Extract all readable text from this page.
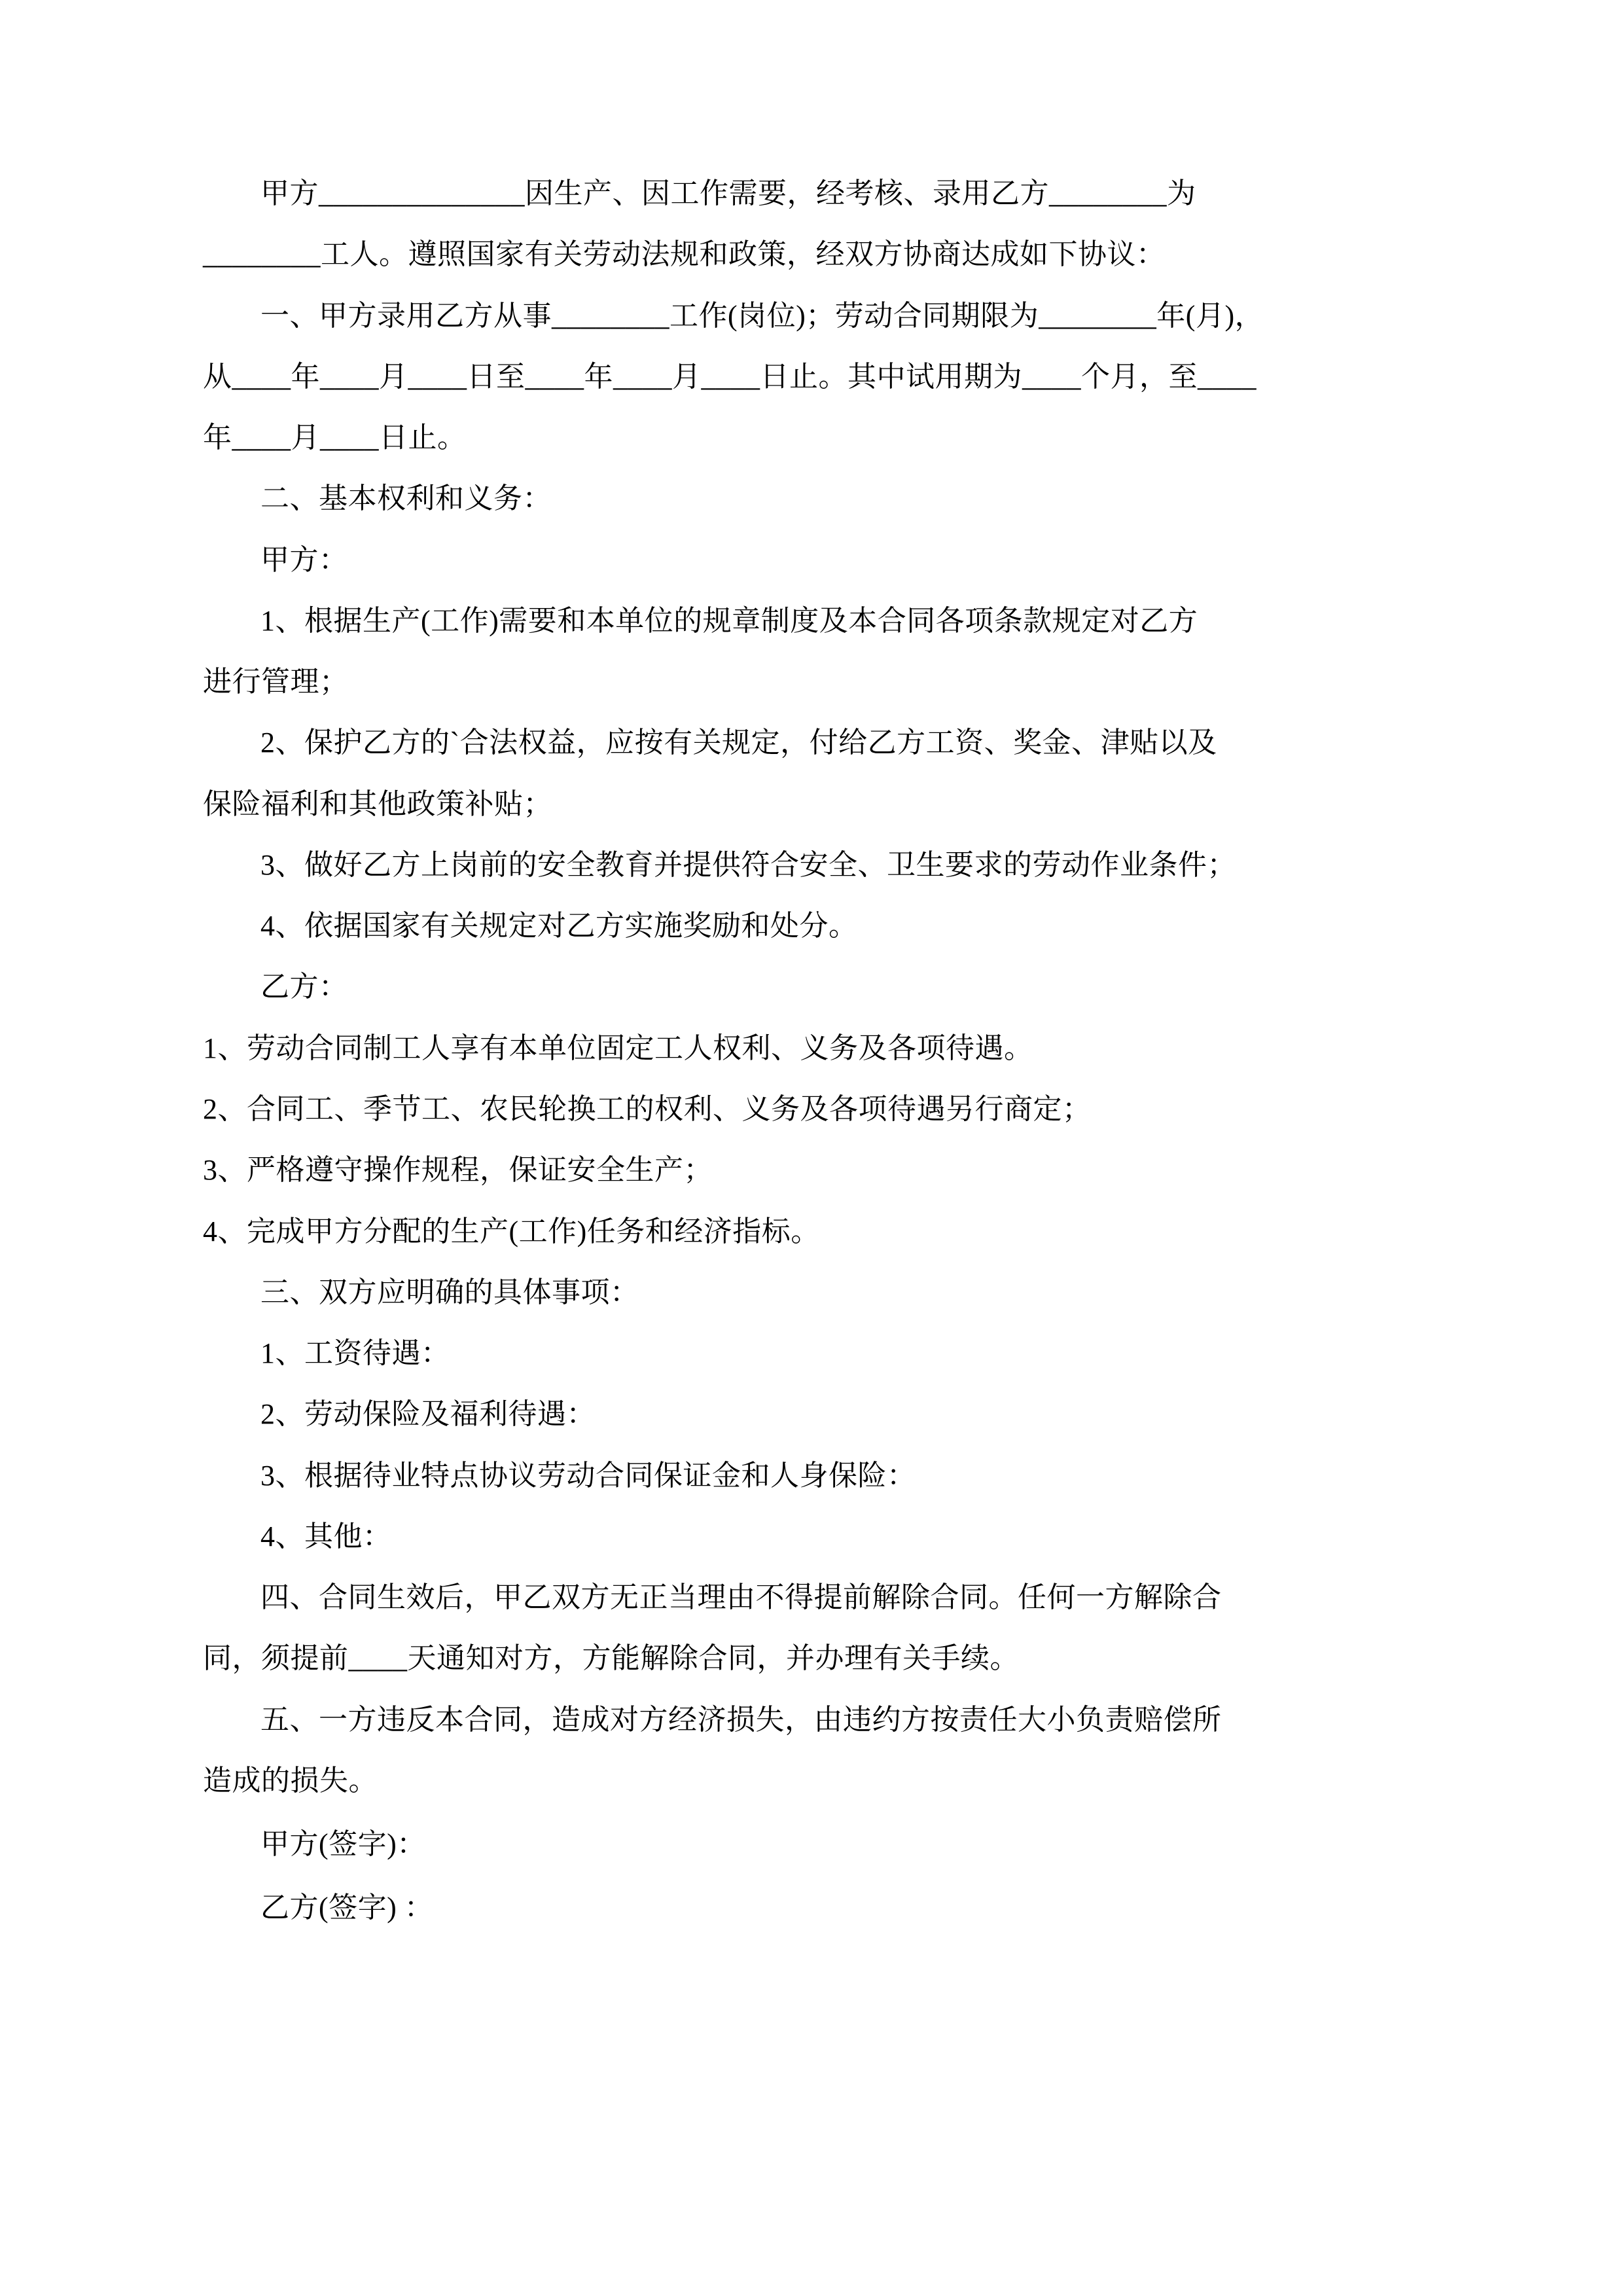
甲方______________因生产、因工作需要，经考核、录用乙方________为

________工人。遵照国家有关劳动法规和政策，经双方协商达成如下协议：

一、甲方录用乙方从事________工作(岗位)；劳动合同期限为________年(月)，

从____年____月____日至____年____月____日止。其中试用期为____个月，至____

年____月____日止。

二、基本权利和义务：

甲方：

1、根据生产(工作)需要和本单位的规章制度及本合同各项条款规定对乙方

进行管理；

2、保护乙方的`合法权益，应按有关规定，付给乙方工资、奖金、津贴以及

保险福利和其他政策补贴；

3、做好乙方上岗前的安全教育并提供符合安全、卫生要求的劳动作业条件；

4、依据国家有关规定对乙方实施奖励和处分。

乙方：

1、劳动合同制工人享有本单位固定工人权利、义务及各项待遇。

2、合同工、季节工、农民轮换工的权利、义务及各项待遇另行商定；

3、严格遵守操作规程，保证安全生产；

4、完成甲方分配的生产(工作)任务和经济指标。

三、双方应明确的具体事项：

1、工资待遇：

2、劳动保险及福利待遇：

3、根据待业特点协议劳动合同保证金和人身保险：

4、其他：

四、合同生效后，甲乙双方无正当理由不得提前解除合同。任何一方解除合

同，须提前____天通知对方，方能解除合同，并办理有关手续。

五、一方违反本合同，造成对方经济损失，由违约方按责任大小负责赔偿所

造成的损失。

甲方(签字)：

乙方(签字) ：
